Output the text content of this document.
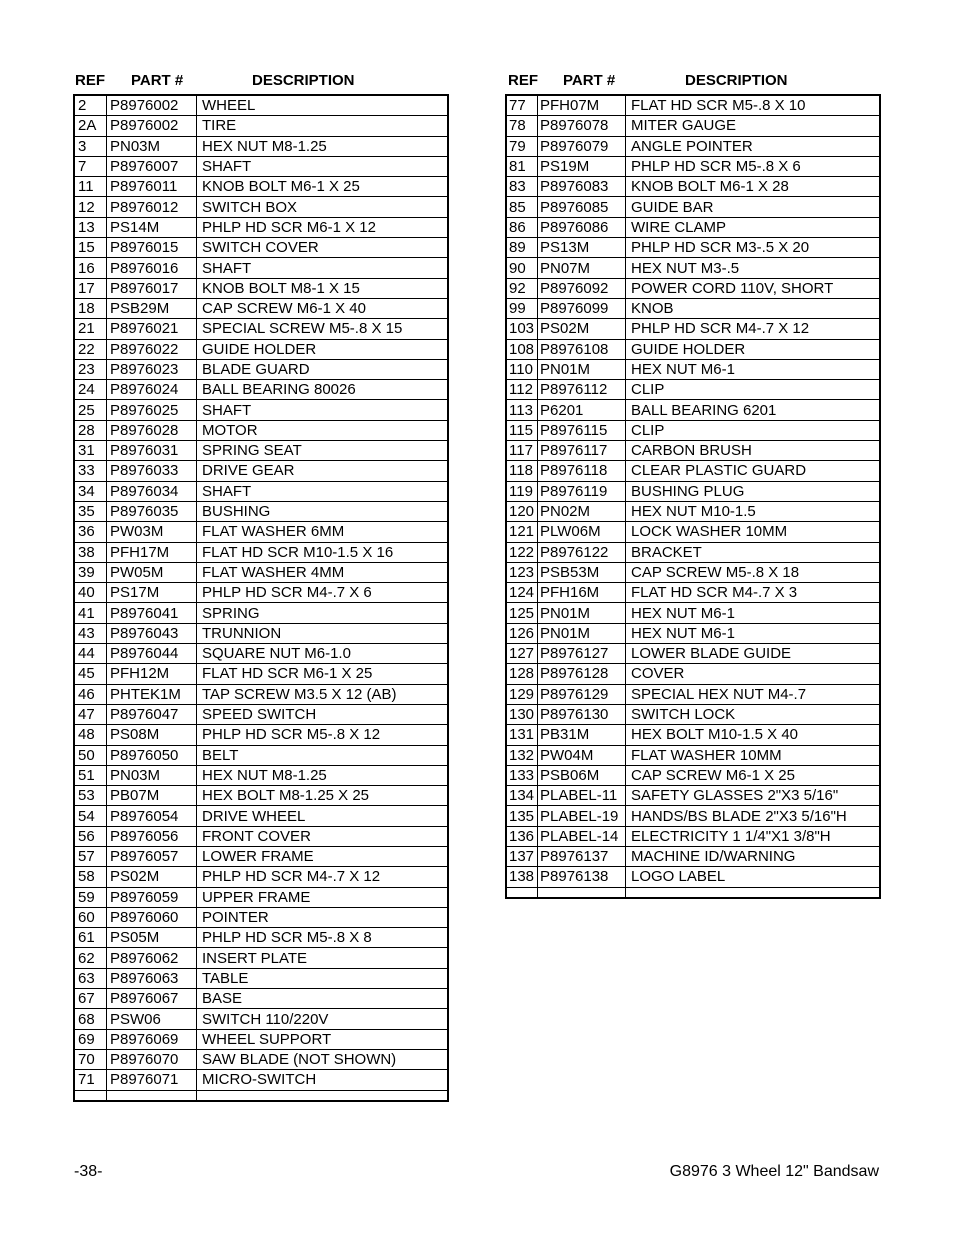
REF PART #	DESCRIPTION
2	P8976002	WHEEL
2A	P8976002	TIRE
3	PN03M	HEX NUT M8-1.25
7	P8976007	SHAFT
11	P8976011	KNOB BOLT M6-1 X 25
12	P8976012	SWITCH BOX
13	PS14M	PHLP HD SCR M6-1 X 12
15	P8976015	SWITCH COVER
16	P8976016	SHAFT
17	P8976017	KNOB BOLT M8-1 X 15
18	PSB29M	CAP SCREW M6-1 X 40
21	P8976021	SPECIAL SCREW M5-.8 X 15
22	P8976022	GUIDE HOLDER
23	P8976023	BLADE GUARD
24	P8976024	BALL BEARING 80026
25	P8976025	SHAFT
28	P8976028	MOTOR
31	P8976031	SPRING SEAT
33	P8976033	DRIVE GEAR
34	P8976034	SHAFT
35	P8976035	BUSHING
36	PW03M	FLAT WASHER 6MM
38	PFH17M	FLAT HD SCR M10-1.5 X 16
39	PW05M	FLAT WASHER 4MM
40	PS17M	PHLP HD SCR M4-.7 X 6
41	P8976041	SPRING
43	P8976043	TRUNNION
44	P8976044	SQUARE NUT M6-1.0
45	PFH12M	FLAT HD SCR M6-1 X 25
46	PHTEK1M	TAP SCREW M3.5 X 12 (AB)
47	P8976047	SPEED SWITCH
48	PS08M	PHLP HD SCR M5-.8 X 12
50	P8976050	BELT
51	PN03M	HEX NUT M8-1.25
53	PB07M	HEX BOLT M8-1.25 X 25
54	P8976054	DRIVE WHEEL
56	P8976056	FRONT COVER
57	P8976057	LOWER FRAME
58	PS02M	PHLP HD SCR M4-.7 X 12
59	P8976059	UPPER FRAME
60	P8976060	POINTER
61	PS05M	PHLP HD SCR M5-.8 X 8
62	P8976062	INSERT PLATE
63	P8976063	TABLE
67	P8976067	BASE
68	PSW06	SWITCH 110/220V
69	P8976069	WHEEL SUPPORT
70	P8976070	SAW BLADE (NOT SHOWN)
71	P8976071	MICRO-SWITCH

REF PART #	DESCRIPTION
77	PFH07M	FLAT HD SCR M5-.8 X 10
78	P8976078	MITER GAUGE
79	P8976079	ANGLE POINTER
81	PS19M	PHLP HD SCR M5-.8 X 6
83	P8976083	KNOB BOLT M6-1 X 28
85	P8976085	GUIDE BAR
86	P8976086	WIRE CLAMP
89	PS13M	PHLP HD SCR M3-.5 X 20
90	PN07M	HEX NUT M3-.5
92	P8976092	POWER CORD 110V, SHORT
99	P8976099	KNOB
103	PS02M	PHLP HD SCR M4-.7 X 12
108	P8976108	GUIDE HOLDER
110	PN01M	HEX NUT M6-1
112	P8976112	CLIP
113	P6201	BALL BEARING 6201
115	P8976115	CLIP
117	P8976117	CARBON BRUSH
118	P8976118	CLEAR PLASTIC GUARD
119	P8976119	BUSHING PLUG
120	PN02M	HEX NUT M10-1.5
121	PLW06M	LOCK WASHER 10MM
122	P8976122	BRACKET
123	PSB53M	CAP SCREW M5-.8 X 18
124	PFH16M	FLAT HD SCR M4-.7 X 3
125	PN01M	HEX NUT M6-1
126	PN01M	HEX NUT M6-1
127	P8976127	LOWER BLADE GUIDE
128	P8976128	COVER
129	P8976129	SPECIAL HEX NUT M4-.7
130	P8976130	SWITCH LOCK
131	PB31M	HEX BOLT M10-1.5 X 40
132	PW04M	FLAT WASHER 10MM
133	PSB06M	CAP SCREW M6-1 X 25
134	PLABEL-11	SAFETY GLASSES 2"X3 5/16"
135	PLABEL-19	HANDS/BS BLADE 2"X3 5/16"H
136	PLABEL-14	ELECTRICITY 1 1/4"X1 3/8"H
137	P8976137	MACHINE ID/WARNING
138	P8976138	LOGO LABEL

-38-	G8976 3 Wheel 12" Bandsaw
